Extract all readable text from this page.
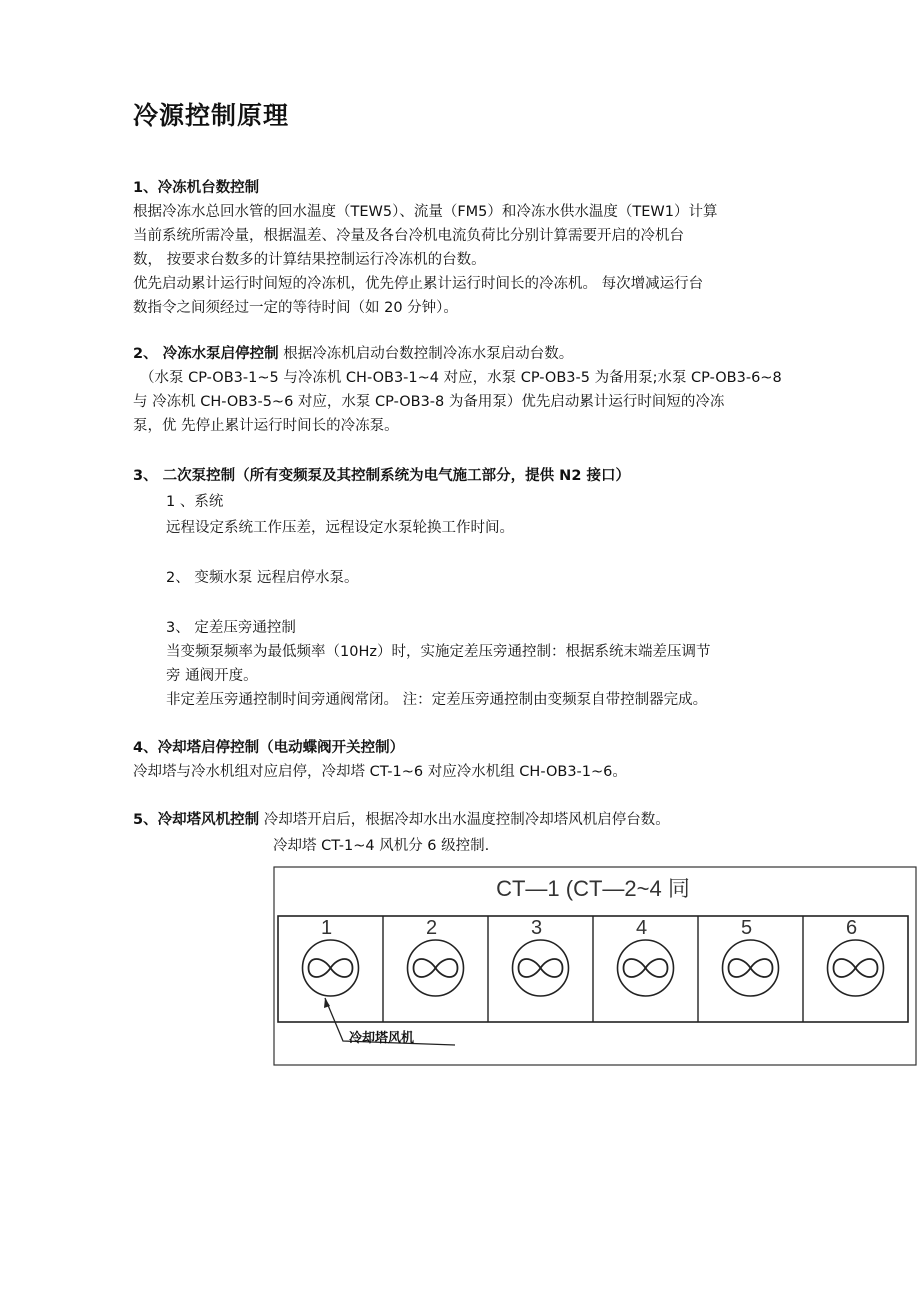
冷源控制原理
1、冷冻机台数控制
根据冷冻水总回水管的回水温度（TEW5）、流量（FM5）和冷冻水供水温度（TEW1）计算
当前系统所需冷量，根据温差、冷量及各台冷机电流负荷比分别计算需要开启的冷机台
数， 按要求台数多的计算结果控制运行冷冻机的台数。
优先启动累计运行时间短的冷冻机，优先停止累计运行时间长的冷冻机。 每次增减运行台
数指令之间须经过一定的等待时间（如 20 分钟）。
2、 冷冻水泵启停控制 根据冷冻机启动台数控制冷冻水泵启动台数。
（水泵 CP-OB3-1~5 与冷冻机 CH-OB3-1~4 对应，水泵 CP-OB3-5 为备用泵;水泵 CP-OB3-6~8
与 冷冻机 CH-OB3-5~6 对应，水泵 CP-OB3-8 为备用泵）优先启动累计运行时间短的冷冻
泵，优 先停止累计运行时间长的冷冻泵。
3、 二次泵控制（所有变频泵及其控制系统为电气施工部分，提供 N2 接口）
1 、系统
远程设定系统工作压差，远程设定水泵轮换工作时间。
2、 变频水泵 远程启停水泵。
3、 定差压旁通控制
当变频泵频率为最低频率（10Hz）时，实施定差压旁通控制：根据系统末端差压调节
旁 通阀开度。
非定差压旁通控制时间旁通阀常闭。 注：定差压旁通控制由变频泵自带控制器完成。
4、冷却塔启停控制（电动蝶阀开关控制）
冷却塔与冷水机组对应启停，冷却塔 CT-1~6 对应冷水机组 CH-OB3-1~6。
5、冷却塔风机控制 冷却塔开启后，根据冷却水出水温度控制冷却塔风机启停台数。
冷却塔 CT-1~4 风机分 6 级控制.
CT—1 (CT—2~4 同
1	2	3	4	5	6
冷却塔风机
